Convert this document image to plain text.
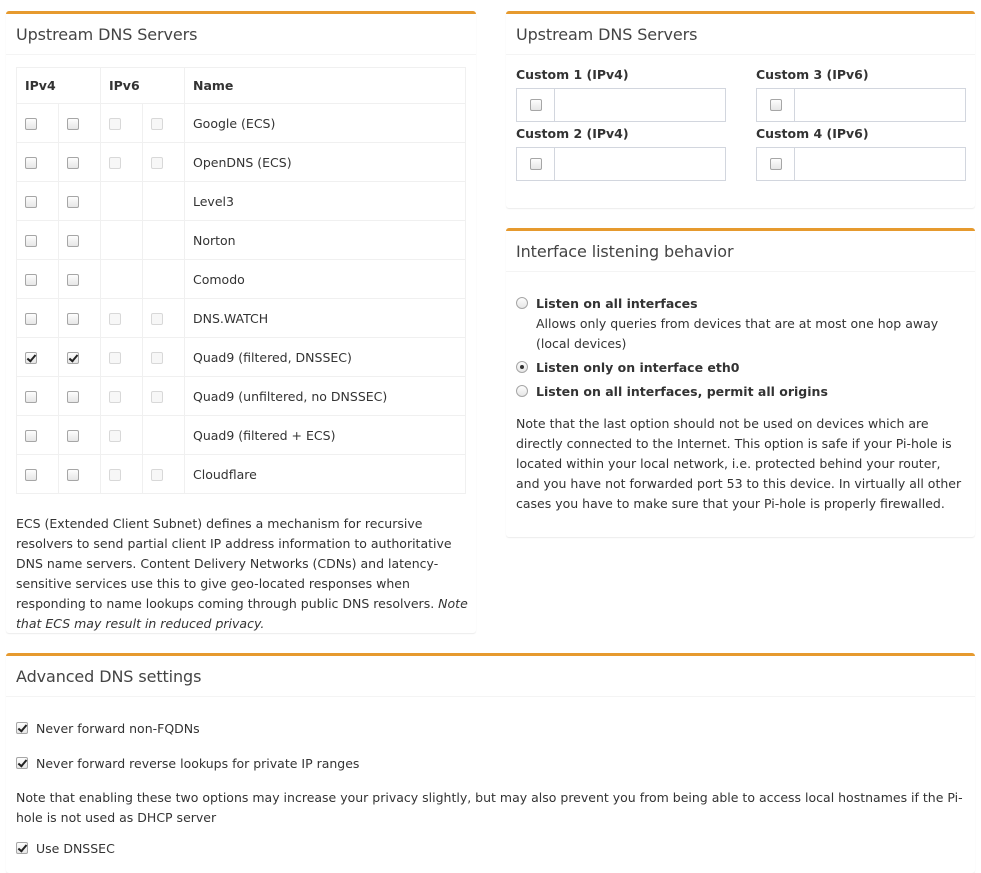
Upstream DNS Servers
IPv4		IPv6		Name
				Google (ECS)
				OpenDNS (ECS)
				Level3
				Norton
				Comodo
				DNS.WATCH
				Quad9 (filtered, DNSSEC)
				Quad9 (unfiltered, no DNSSEC)
				Quad9 (filtered + ECS)
				Cloudflare
ECS (Extended Client Subnet) defines a mechanism for recursive resolvers to send partial client IP address information to authoritative DNS name servers. Content Delivery Networks (CDNs) and latency-sensitive services use this to give geo-located responses when responding to name lookups coming through public DNS resolvers. Note that ECS may result in reduced privacy.
Upstream DNS Servers
Custom 1 (IPv4)	Custom 3 (IPv6)
Custom 2 (IPv4)	Custom 4 (IPv6)
Interface listening behavior
Listen on all interfaces
Allows only queries from devices that are at most one hop away (local devices)
Listen only on interface eth0
Listen on all interfaces, permit all origins
Note that the last option should not be used on devices which are directly connected to the Internet. This option is safe if your Pi-hole is located within your local network, i.e. protected behind your router, and you have not forwarded port 53 to this device. In virtually all other cases you have to make sure that your Pi-hole is properly firewalled.
Advanced DNS settings
Never forward non-FQDNs
Never forward reverse lookups for private IP ranges
Note that enabling these two options may increase your privacy slightly, but may also prevent you from being able to access local hostnames if the Pi-hole is not used as DHCP server
Use DNSSEC
